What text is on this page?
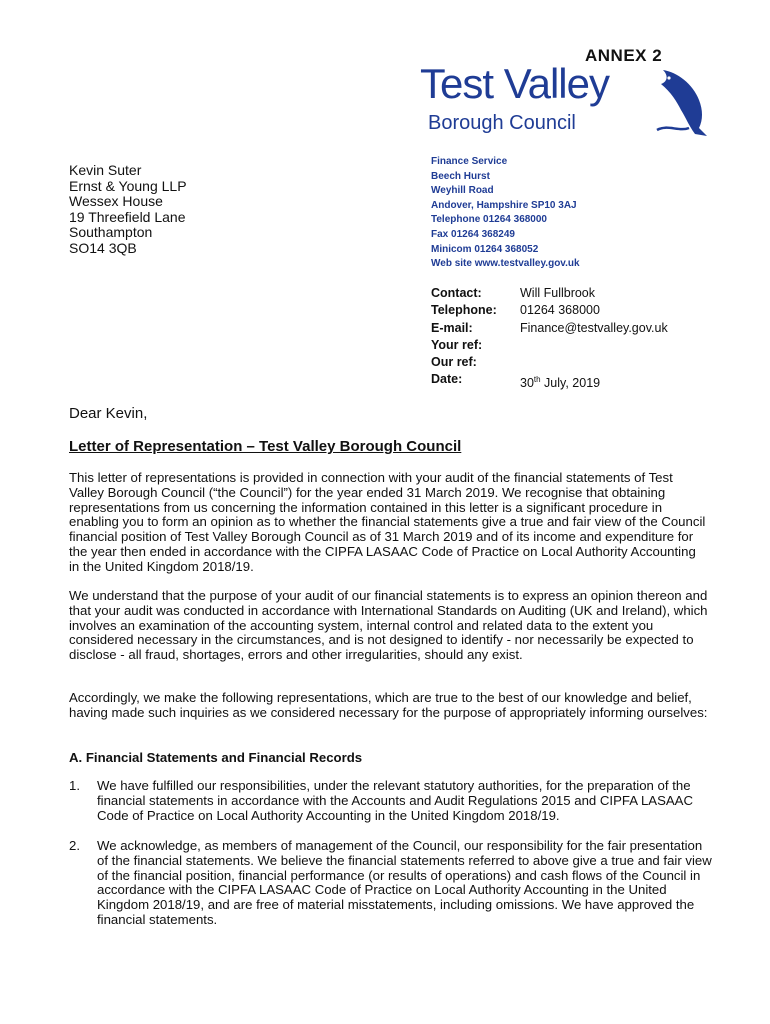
ANNEX 2
Test Valley
Borough Council
Kevin Suter
Ernst & Young LLP
Wessex House
19 Threefield Lane
Southampton
SO14 3QB
Finance Service
Beech Hurst
Weyhill Road
Andover, Hampshire SP10 3AJ
Telephone 01264 368000
Fax 01264 368249
Minicom 01264 368052
Web site www.testvalley.gov.uk
Contact:	Will Fullbrook
Telephone:	01264 368000
E-mail:	Finance@testvalley.gov.uk
Your ref:
Our ref:
Date:	30th July, 2019
Dear Kevin,
Letter of Representation – Test Valley Borough Council
This letter of representations is provided in connection with your audit of the financial statements of Test Valley Borough Council (“the Council”) for the year ended 31 March 2019. We recognise that obtaining representations from us concerning the information contained in this letter is a significant procedure in enabling you to form an opinion as to whether the financial statements give a true and fair view of the Council financial position of Test Valley Borough Council as of 31 March 2019 and of its income and expenditure for the year then ended in accordance with the CIPFA LASAAC Code of Practice on Local Authority Accounting in the United Kingdom 2018/19.
We understand that the purpose of your audit of our financial statements is to express an opinion thereon and that your audit was conducted in accordance with International Standards on Auditing (UK and Ireland), which involves an examination of the accounting system, internal control and related data to the extent you considered necessary in the circumstances, and is not designed to identify - nor necessarily be expected to disclose - all fraud, shortages, errors and other irregularities, should any exist.
Accordingly, we make the following representations, which are true to the best of our knowledge and belief, having made such inquiries as we considered necessary for the purpose of appropriately informing ourselves:
A. Financial Statements and Financial Records
1.	We have fulfilled our responsibilities, under the relevant statutory authorities, for the preparation of the financial statements in accordance with the Accounts and Audit Regulations 2015 and CIPFA LASAAC Code of Practice on Local Authority Accounting in the United Kingdom 2018/19.
2.	We acknowledge, as members of management of the Council, our responsibility for the fair presentation of the financial statements. We believe the financial statements referred to above give a true and fair view of the financial position, financial performance (or results of operations) and cash flows of the Council in accordance with the CIPFA LASAAC Code of Practice on Local Authority Accounting in the United Kingdom 2018/19, and are free of material misstatements, including omissions. We have approved the financial statements.
